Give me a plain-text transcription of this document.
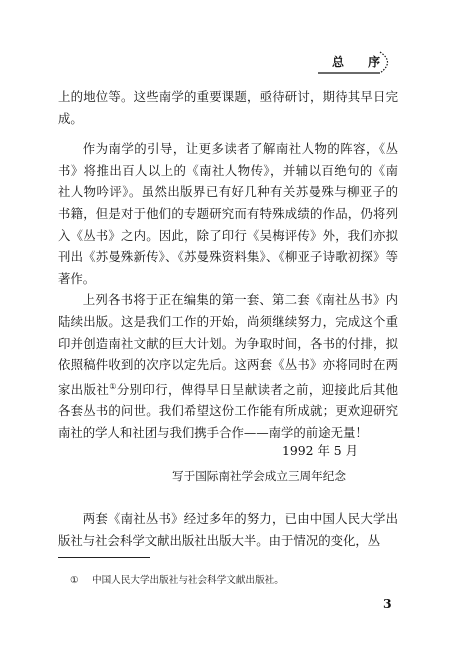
总 序

上的地位等。这些南学的重要课题，亟待研讨，期待其早日完成。

作为南学的引导，让更多读者了解南社人物的阵容，《丛书》将推出百人以上的《南社人物传》，并辅以百绝句的《南社人物吟评》。虽然出版界已有好几种有关苏曼殊与柳亚子的书籍，但是对于他们的专题研究而有特殊成绩的作品，仍将列入《丛书》之内。因此，除了印行《吴梅评传》外，我们亦拟刊出《苏曼殊新传》、《苏曼殊资料集》、《柳亚子诗歌初探》等著作。

上列各书将于正在编集的第一套、第二套《南社丛书》内陆续出版。这是我们工作的开始，尚须继续努力，完成这个重印并创造南社文献的巨大计划。为争取时间，各书的付排，拟依照稿件收到的次序以定先后。这两套《丛书》亦将同时在两家出版社①分别印行，俾得早日呈献读者之前，迎接此后其他各套丛书的问世。我们希望这份工作能有所成就；更欢迎研究南社的学人和社团与我们携手合作——南学的前途无量！

1992 年 5 月
写于国际南社学会成立三周年纪念

两套《南社丛书》经过多年的努力，已由中国人民大学出版社与社会科学文献出版社出版大半。由于情况的变化，丛

① 中国人民大学出版社与社会科学文献出版社。
3
